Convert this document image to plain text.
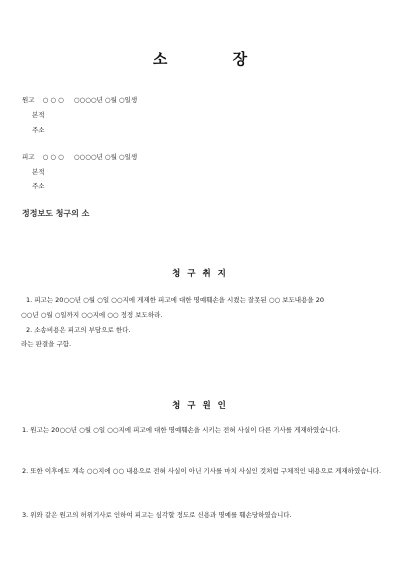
소	장
원고 ○ ○ ○ ○○○○년 ○월 ○일생
본적
주소
피고 ○ ○ ○ ○○○○년 ○월 ○일생
본적
주소
정정보도 청구의 소
청 구 취 지
1. 피고는 20○○년 ○월 ○일 ○○지에 게재한 피고에 대한 명예훼손을 시켰는 잘못된 ○○ 보도내용을 20
○○년 ○월 ○일까지 ○○지에 ○○ 정정 보도하라.
2. 소송비용은 피고의 부담으로 한다.
라는 판결을 구함.
청 구 원 인
1. 원고는 20○○년 ○월 ○일 ○○지에 피고에 대한 명예훼손을 시키는 전혀 사실이 다른 기사를 게재하였습니다.
2. 또한 이후에도 계속 ○○지에 ○○ 내용으로 전혀 사실이 아닌 기사를 마치 사실인 것처럼 구체적인 내용으로 게재하였습니다.
3. 위와 같은 원고의 허위기사로 인하여 피고는 심각할 정도로 신용과 명예를 훼손당하였습니다.
